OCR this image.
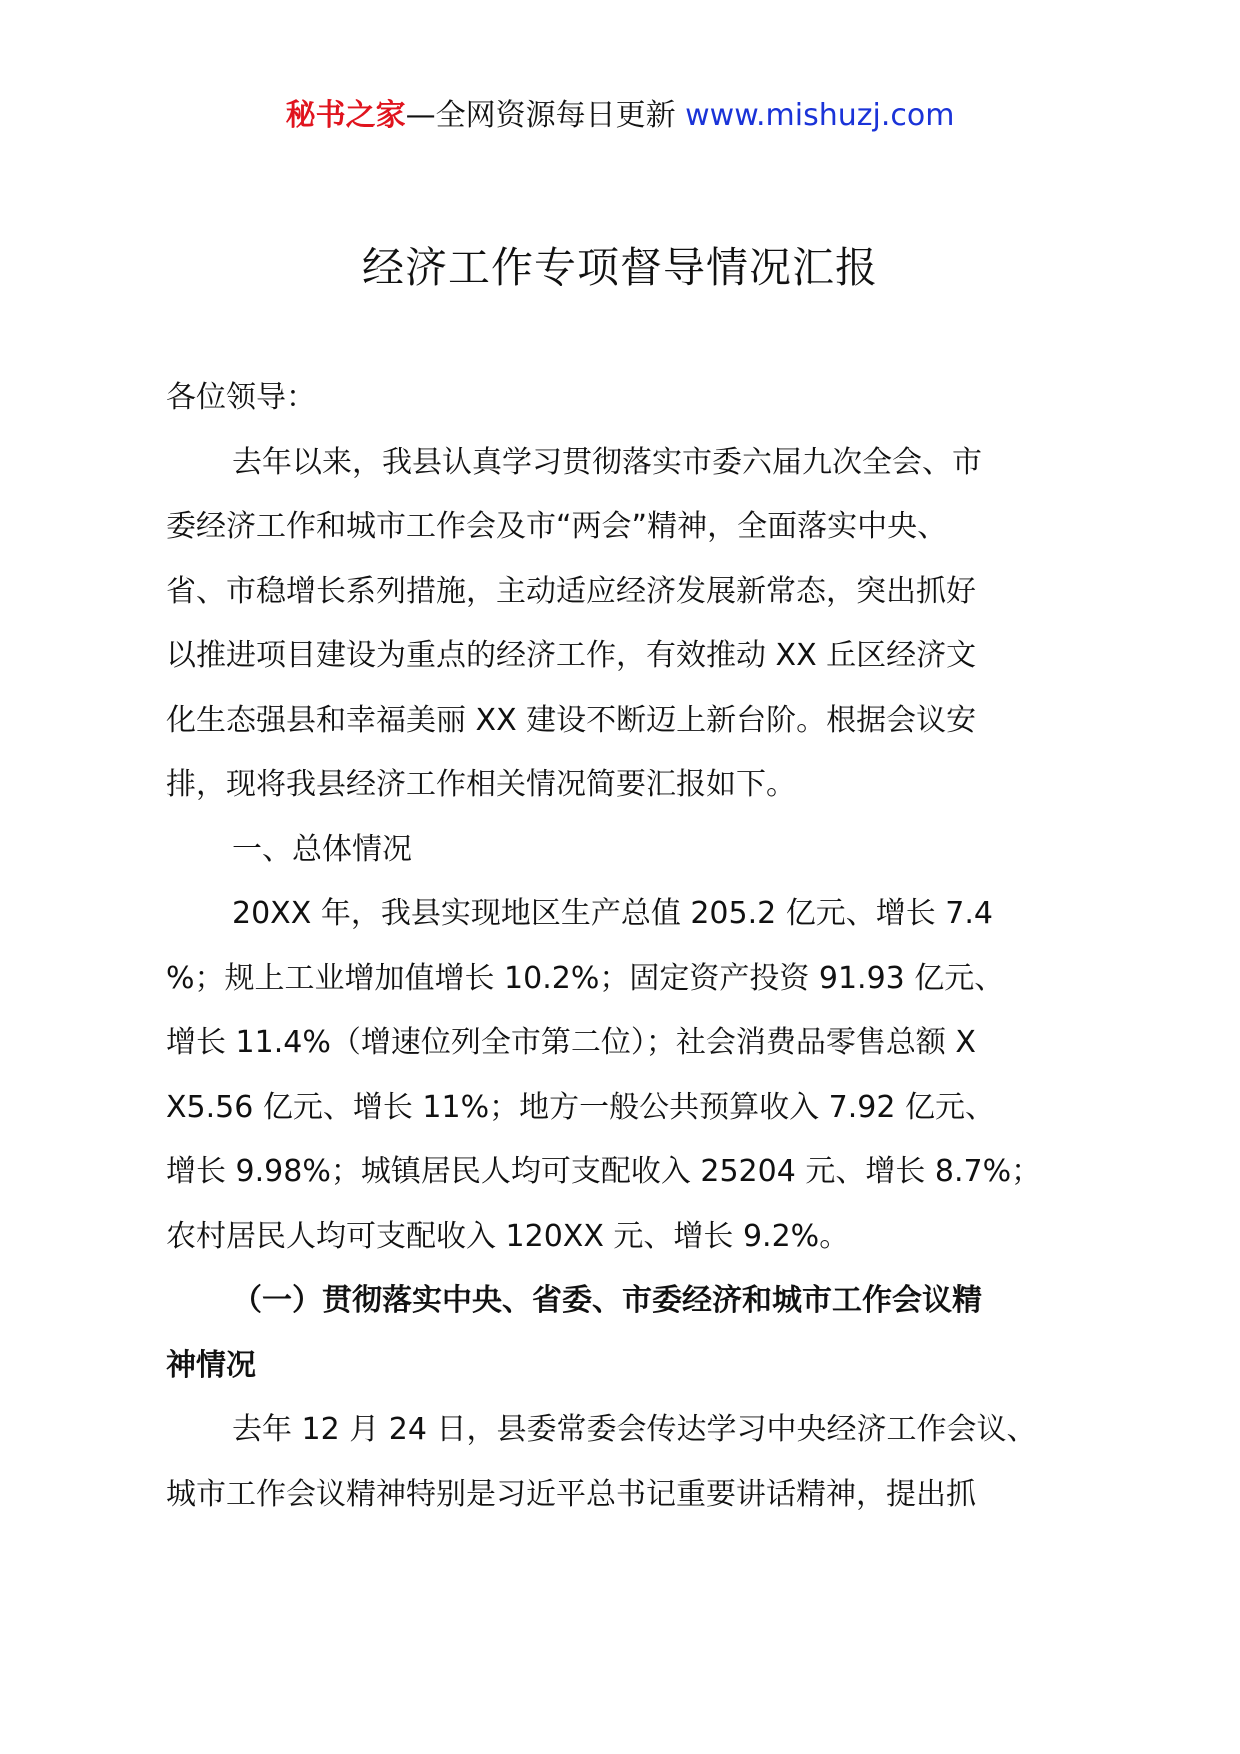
秘书之家—全网资源每日更新 www.mishuzj.com
经济工作专项督导情况汇报
各位领导：
去年以来，我县认真学习贯彻落实市委六届九次全会、市
委经济工作和城市工作会及市“两会”精神，全面落实中央、
省、市稳增长系列措施，主动适应经济发展新常态，突出抓好
以推进项目建设为重点的经济工作，有效推动 XX 丘区经济文
化生态强县和幸福美丽 XX 建设不断迈上新台阶。根据会议安
排，现将我县经济工作相关情况简要汇报如下。
一、总体情况
20XX 年，我县实现地区生产总值 205.2 亿元、增长 7.4
%；规上工业增加值增长 10.2%；固定资产投资 91.93 亿元、
增长 11.4%（增速位列全市第二位）；社会消费品零售总额 X
X5.56 亿元、增长 11%；地方一般公共预算收入 7.92 亿元、
增长 9.98%；城镇居民人均可支配收入 25204 元、增长 8.7%；
农村居民人均可支配收入 120XX 元、增长 9.2%。
（一）贯彻落实中央、省委、市委经济和城市工作会议精
神情况
去年 12 月 24 日，县委常委会传达学习中央经济工作会议、
城市工作会议精神特别是习近平总书记重要讲话精神，提出抓
